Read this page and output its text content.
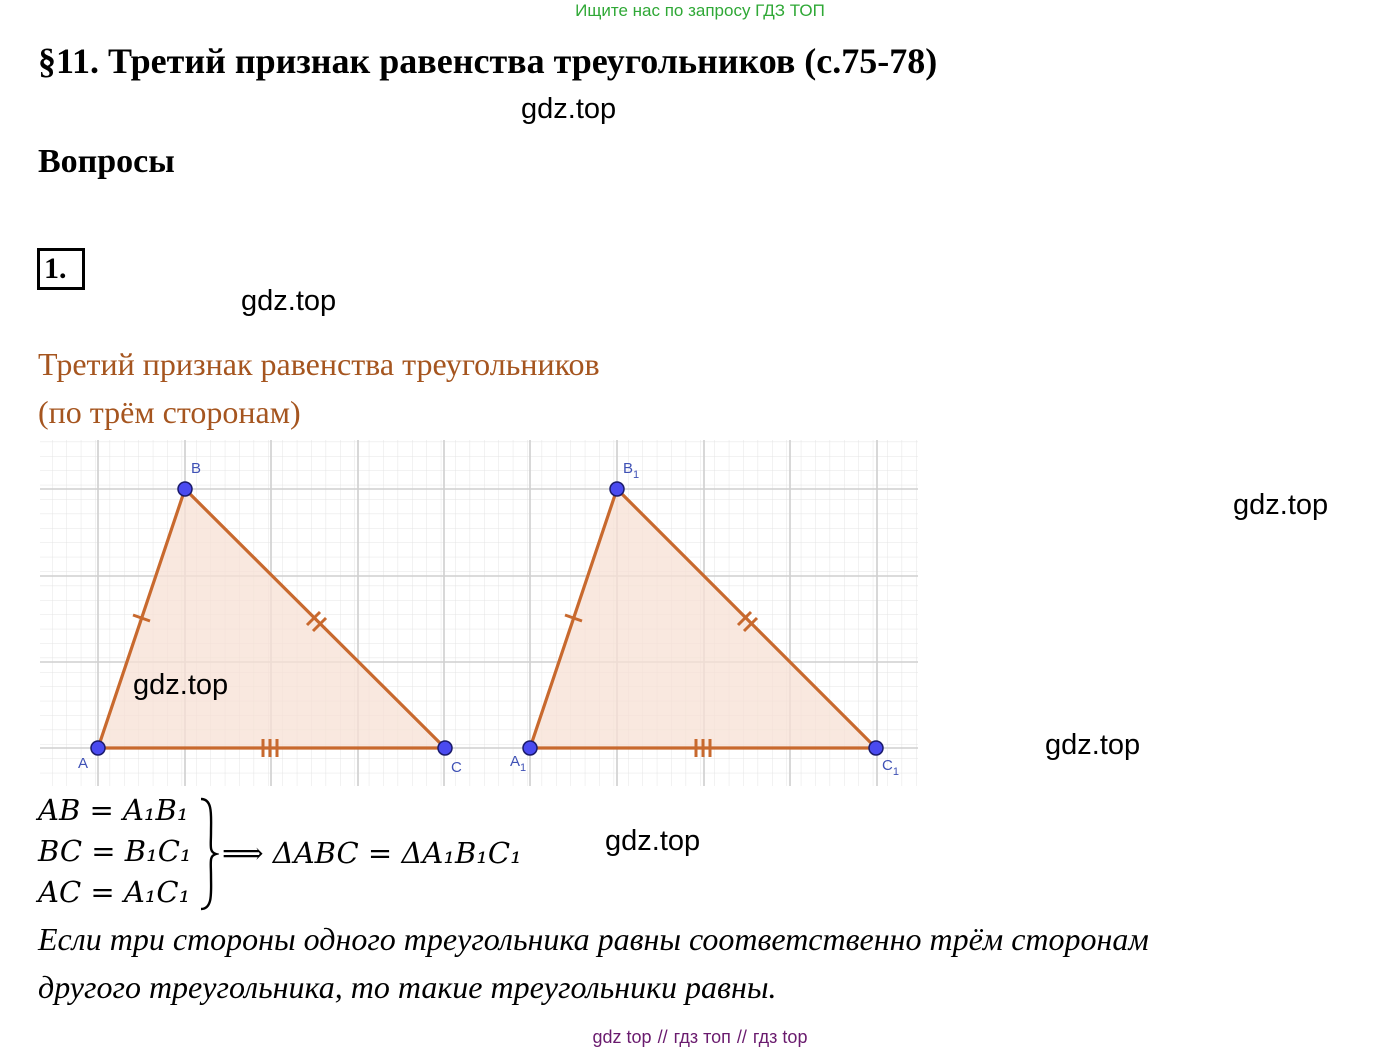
Ищите нас по запросу ГДЗ ТОП
§11. Третий признак равенства треугольников (с.75-78)
gdz.top
Вопросы
1.
gdz.top
Третий признак равенства треугольников
(по трём сторонам)
A
B
C	$A_1$
$B_1$
$C_1$
gdz.top
gdz.top
gdz.top
AB = A₁B₁
BC = B₁C₁
AC = A₁C₁
⟹ ΔABC = ΔA₁B₁C₁	gdz.top
Если три стороны одного треугольника равны соответственно трём сторонам
другого треугольника, то такие треугольники равны.
gdz top // гдз топ // гдз top
